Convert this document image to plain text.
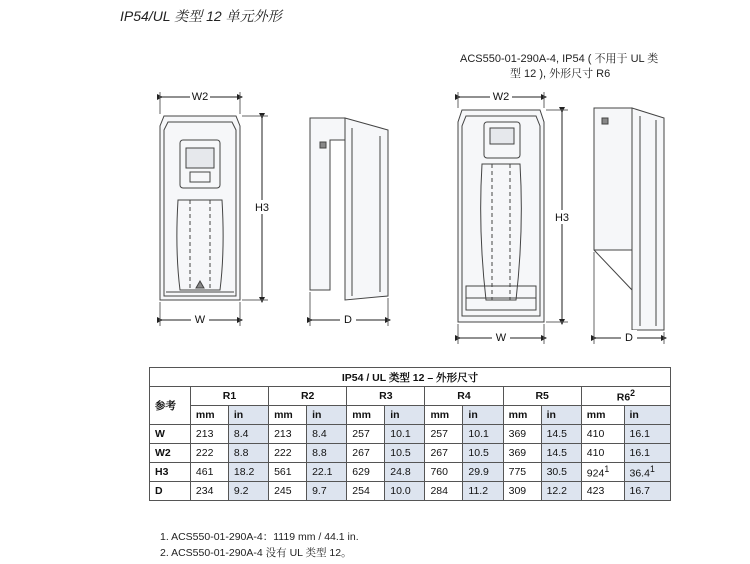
IP54/UL 类型 12 单元外形
ACS550-01-290A-4, IP54 ( 不用于 UL 类
型 12 ), 外形尺寸 R6
W2
H3
W	D
W2
H3
W	D
IP54 / UL 类型 12 – 外形尺寸												
参考	R1		R2		R3		R4		R5		$R6^2$
	mm	in	mm	in	mm	in	mm	in	mm	in	mm	in
W	213	8.4	213	8.4	257	10.1	257	10.1	369	14.5	410	16.1
W2	222	8.8	222	8.8	267	10.5	267	10.5	369	14.5	410	16.1
H3	461	18.2	561	22.1	629	24.8	760	29.9	775	30.5	$924^1$	36.4$^1$
D	234	9.2	245	9.7	254	10.0	284	11.2	309	12.2	423	16.7
1. ACS550-01-290A-4：1119 mm / 44.1 in.
2. ACS550-01-290A-4 没有 UL 类型 12。
